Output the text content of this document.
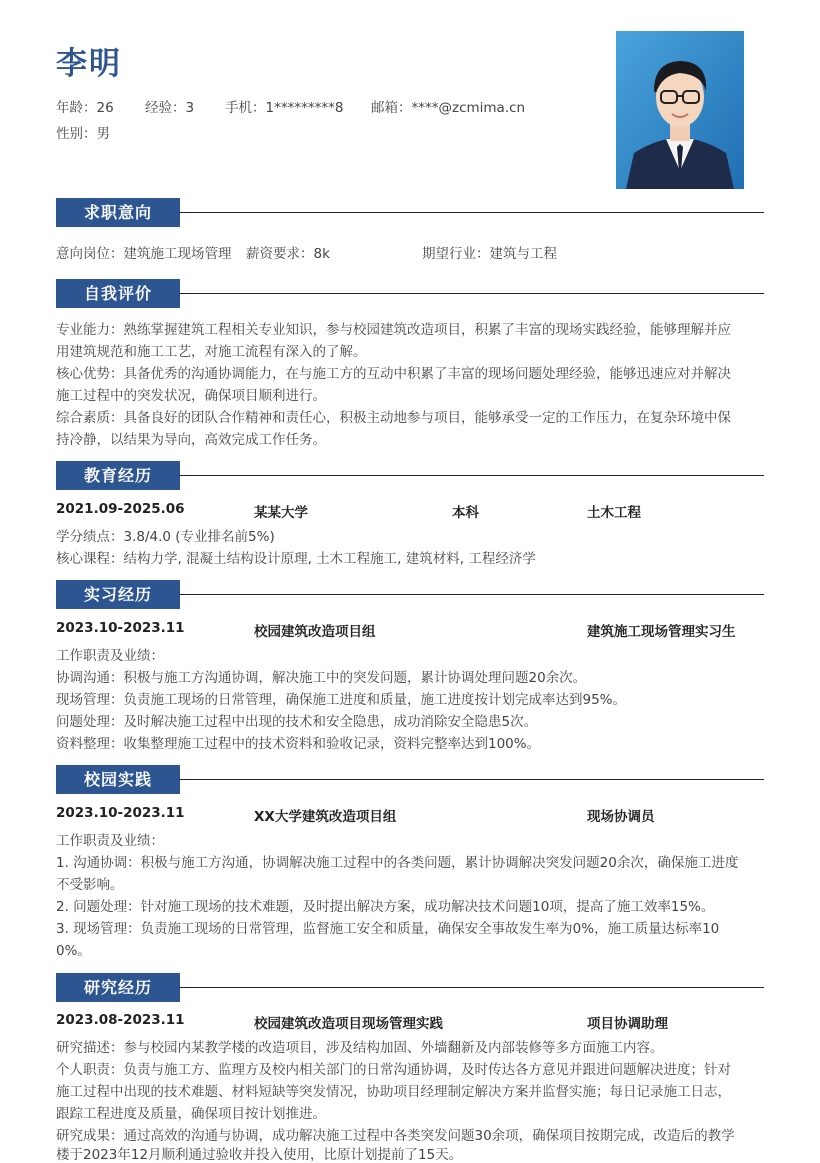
李明
年龄：26 经验：3 手机：1*********8 邮箱：****@zcmima.cn
性别：男
求职意向
意向岗位：建筑施工现场管理 薪资要求：8k	期望行业：建筑与工程
自我评价
专业能力：熟练掌握建筑工程相关专业知识，参与校园建筑改造项目，积累了丰富的现场实践经验，能够理解并应
用建筑规范和施工工艺，对施工流程有深入的了解。
核心优势：具备优秀的沟通协调能力，在与施工方的互动中积累了丰富的现场问题处理经验，能够迅速应对并解决
施工过程中的突发状况，确保项目顺利进行。
综合素质：具备良好的团队合作精神和责任心，积极主动地参与项目，能够承受一定的工作压力，在复杂环境中保
持冷静，以结果为导向，高效完成工作任务。
教育经历
2021.09-2025.06	某某大学	本科	土木工程
学分绩点：3.8/4.0 (专业排名前5%)
核心课程：结构力学, 混凝土结构设计原理, 土木工程施工, 建筑材料, 工程经济学
实习经历
2023.10-2023.11	校园建筑改造项目组	建筑施工现场管理实习生
工作职责及业绩：
协调沟通：积极与施工方沟通协调，解决施工中的突发问题，累计协调处理问题20余次。
现场管理：负责施工现场的日常管理，确保施工进度和质量，施工进度按计划完成率达到95%。
问题处理：及时解决施工过程中出现的技术和安全隐患，成功消除安全隐患5次。
资料整理：收集整理施工过程中的技术资料和验收记录，资料完整率达到100%。
校园实践
2023.10-2023.11	XX大学建筑改造项目组	现场协调员
工作职责及业绩：
1. 沟通协调：积极与施工方沟通，协调解决施工过程中的各类问题，累计协调解决突发问题20余次，确保施工进度
不受影响。
2. 问题处理：针对施工现场的技术难题，及时提出解决方案，成功解决技术问题10项，提高了施工效率15%。
3. 现场管理：负责施工现场的日常管理，监督施工安全和质量，确保安全事故发生率为0%，施工质量达标率10
0%。
研究经历
2023.08-2023.11	校园建筑改造项目现场管理实践	项目协调助理
研究描述：参与校园内某教学楼的改造项目，涉及结构加固、外墙翻新及内部装修等多方面施工内容。
个人职责：负责与施工方、监理方及校内相关部门的日常沟通协调，及时传达各方意见并跟进问题解决进度；针对
施工过程中出现的技术难题、材料短缺等突发情况，协助项目经理制定解决方案并监督实施；每日记录施工日志，
跟踪工程进度及质量，确保项目按计划推进。
研究成果：通过高效的沟通与协调，成功解决施工过程中各类突发问题30余项，确保项目按期完成，改造后的教学
楼于2023年12月顺利通过验收并投入使用，比原计划提前了15天。
